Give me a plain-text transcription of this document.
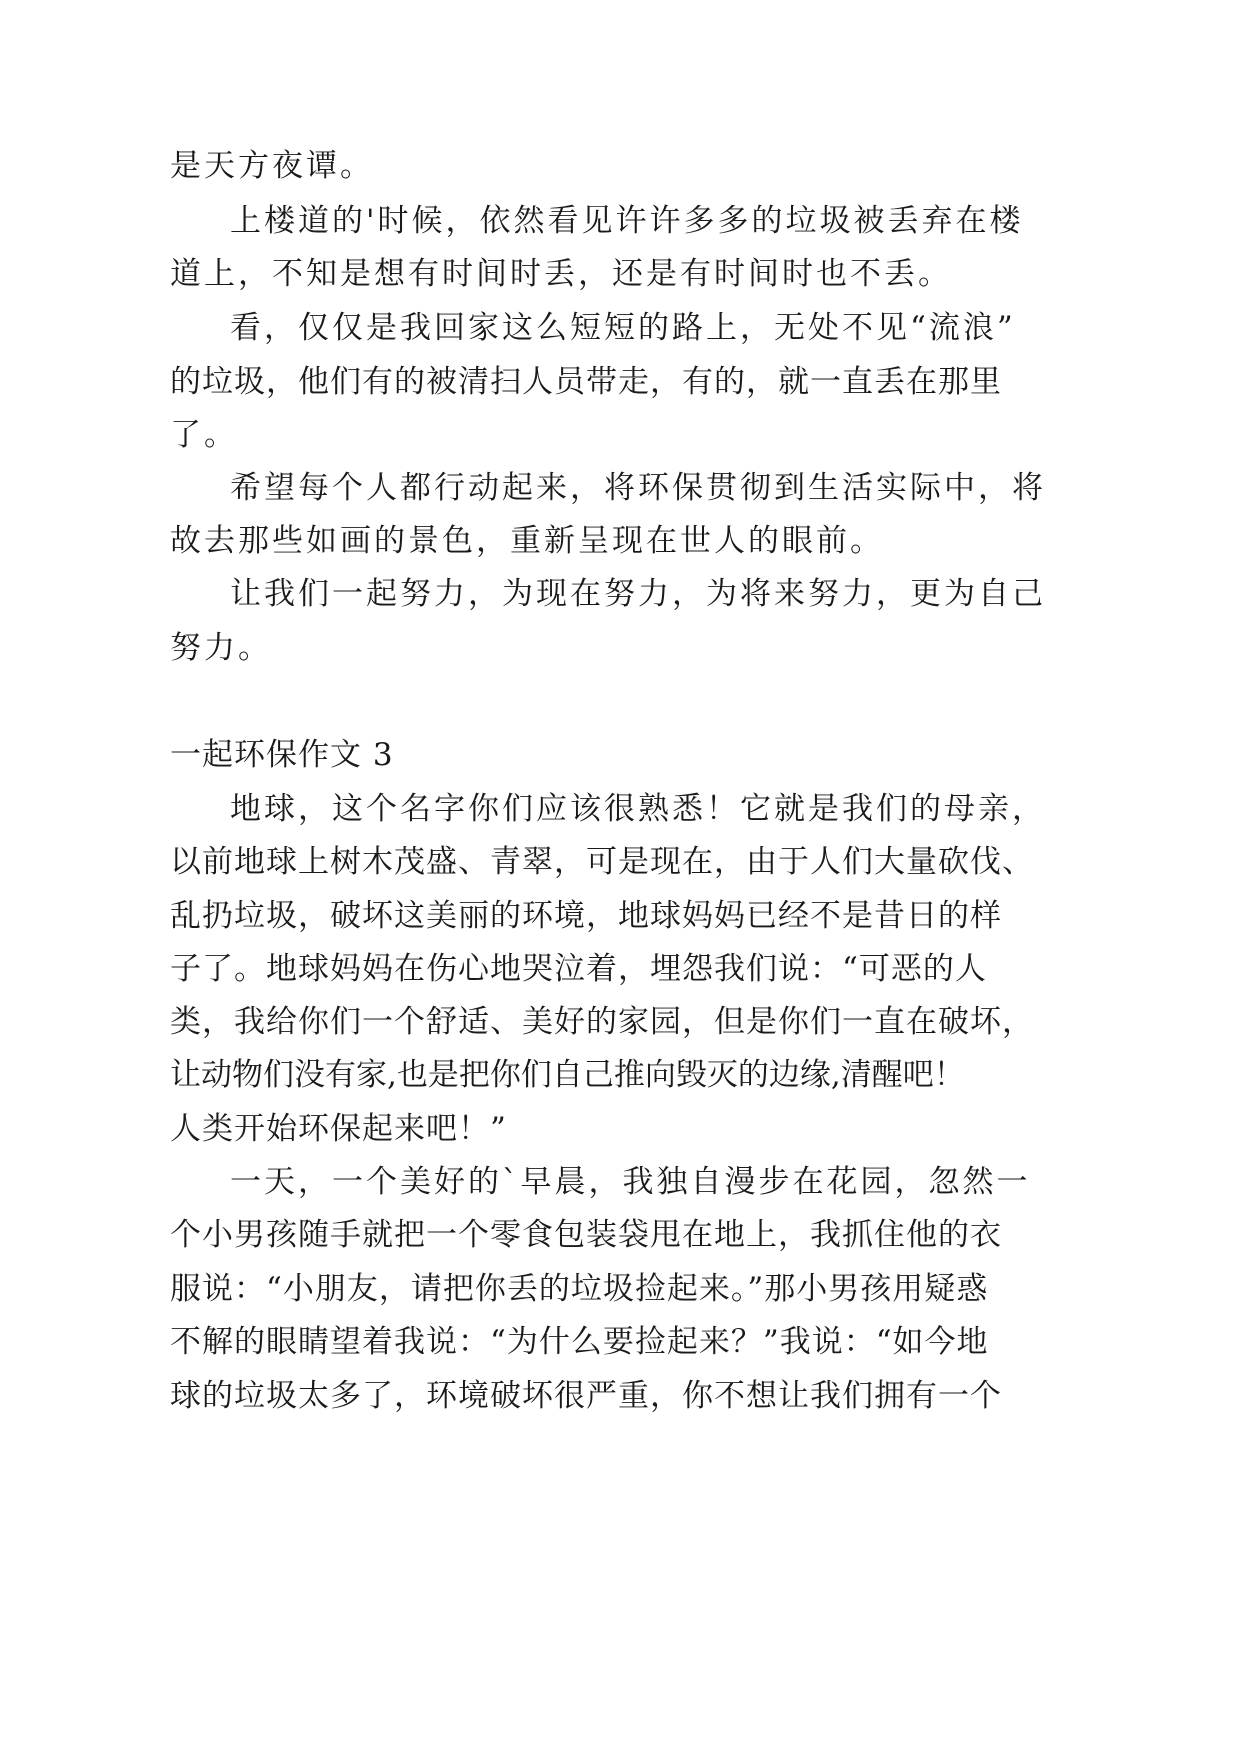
是天方夜谭。
上楼道的'时候，依然看见许许多多的垃圾被丢弃在楼
道上，不知是想有时间时丢，还是有时间时也不丢。
看，仅仅是我回家这么短短的路上，无处不见“流浪”
的垃圾，他们有的被清扫人员带走，有的，就一直丢在那里
了。
希望每个人都行动起来，将环保贯彻到生活实际中，将
故去那些如画的景色，重新呈现在世人的眼前。
让我们一起努力，为现在努力，为将来努力，更为自己
努力。
一起环保作文 3
地球，这个名字你们应该很熟悉！它就是我们的母亲，
以前地球上树木茂盛、青翠，可是现在，由于人们大量砍伐、
乱扔垃圾，破坏这美丽的环境，地球妈妈已经不是昔日的样
子了。地球妈妈在伤心地哭泣着，埋怨我们说：“可恶的人
类，我给你们一个舒适、美好的家园，但是你们一直在破坏，
让动物们没有家,也是把你们自己推向毁灭的边缘,清醒吧！
人类开始环保起来吧！”
一天，一个美好的`早晨，我独自漫步在花园，忽然一
个小男孩随手就把一个零食包装袋甩在地上，我抓住他的衣
服说：“小朋友，请把你丢的垃圾捡起来。”那小男孩用疑惑
不解的眼睛望着我说：“为什么要捡起来？”我说：“如今地
球的垃圾太多了，环境破坏很严重，你不想让我们拥有一个
